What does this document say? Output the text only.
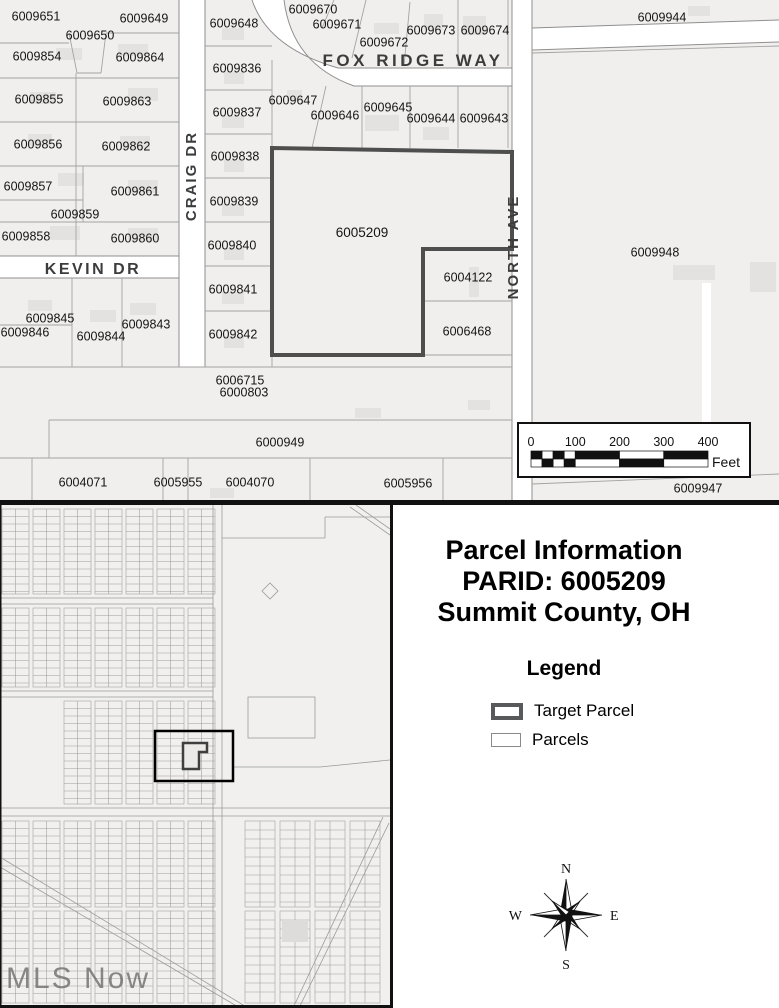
6009651	6009649
6009650
6009854	6009864
6009855	6009863
6009856	6009862
6009857	6009861
6009859
6009858	6009860
6009845
6009846
6009843
6009844
6009648
6009836
6009837
6009838
6009839
6009840
6009841
6009842
6009670
6009671
6009672
6009673 6009674
6009647
6009646
6009645
6009644 6009643
6009944
6009948
6004122
6006468
6006715
6000803
6000949
6004071	6005955 6004070	6005956	6009947
6005209
FOX RIDGE WAY
KEVIN DR
CRAIG DR
NORTH AVE
0 100 200 300 400
Feet
MLS Now
Parcel Information
PARID: 6005209
Summit County, OH
Legend
Target Parcel
Parcels
N
S
E
W
